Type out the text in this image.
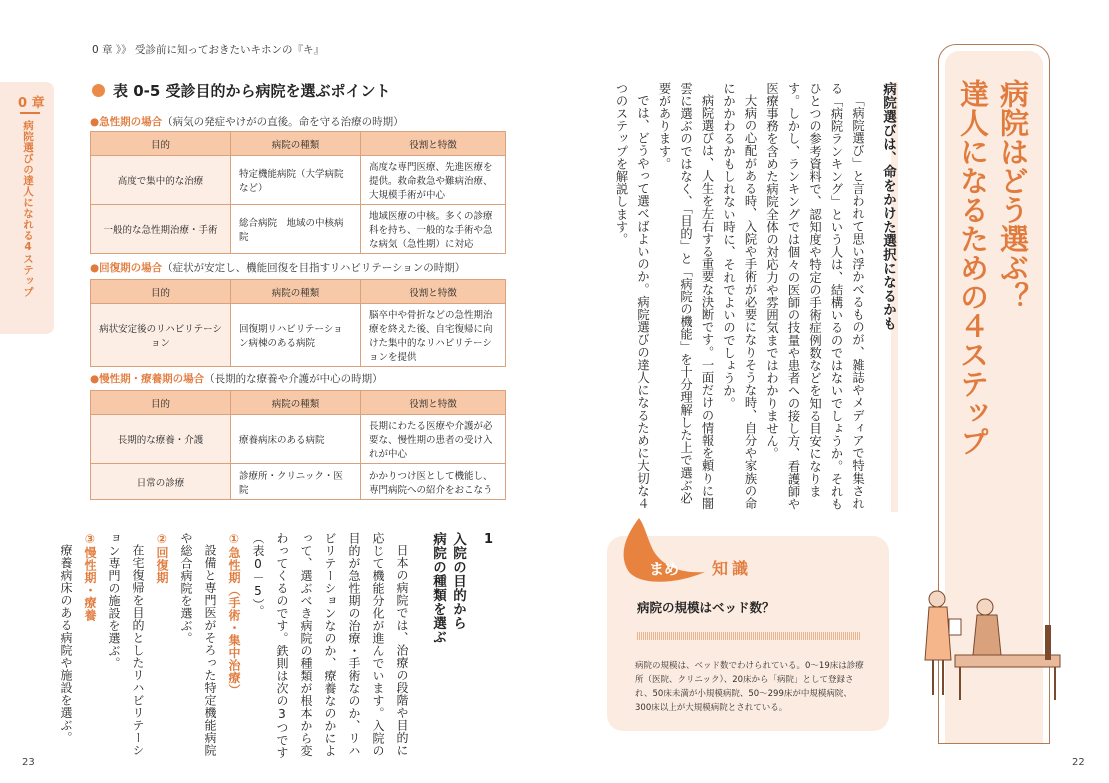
0 章 》》 受診前に知っておきたいキホンの『キ』
0 章
病院選びの達人になれる4ステップ
表 0-5 受診目的から病院を選ぶポイント
●急性期の場合（病気の発症やけがの直後。命を守る治療の時期）
目的	病院の種類	役割と特徴
高度で集中的な治療	特定機能病院（大学病院など）	高度な専門医療、先進医療を提供。救命救急や難病治療、大規模手術が中心
一般的な急性期治療・手術	総合病院　地域の中核病院	地域医療の中核。多くの診療科を持ち、一般的な手術や急な病気（急性期）に対応
●回復期の場合（症状が安定し、機能回復を目指すリハビリテーションの時期）
目的	病院の種類	役割と特徴
病状安定後のリハビリテーション	回復期リハビリテーション病棟のある病院	脳卒中や骨折などの急性期治療を終えた後、自宅復帰に向けた集中的なリハビリテーションを提供
●慢性期・療養期の場合（長期的な療養や介護が中心の時期）
目的	病院の種類	役割と特徴
長期的な療養・介護	療養病床のある病院	長期にわたる医療や介護が必要な、慢性期の患者の受け入れが中心
日常の診療	診療所・クリニック・医院	かかりつけ医として機能し、専門病院への紹介をおこなう
1
入院の目的から
病院の種類を選ぶ

日本の病院では、治療の段階や目的に応じて機能分化が進んでいます。入院の目的が急性期の治療・手術なのか、リハビリテーションなのか、療養なのかによって、選ぶべき病院の種類が根本から変わってくるのです。鉄則は次の3つです（表0－5）。

①急性期（手術・集中治療）

設備と専門医がそろった特定機能病院や総合病院を選ぶ。

②回復期

在宅復帰を目的としたリハビリテーション専門の施設を選ぶ。

③慢性期・療養

療養病床のある病院や施設を選ぶ。

病院選びは、命をかけた選択になるかも

「病院選び」と言われて思い浮かべるものが、雑誌やメディアで特集される「病院ランキング」という人は、結構いるのではないでしょうか。それもひとつの参考資料で、認知度や特定の手術症例数などを知る目安になります。しかし、ランキングでは個々の医師の技量や患者への接し方、看護師や医療事務を含めた病院全体の対応力や雰囲気まではわかりません。

大病の心配がある時、入院や手術が必要になりそうな時、自分や家族の命にかかわるかもしれない時に、それでよいのでしょうか。

病院選びは、人生を左右する重要な決断です。一面だけの情報を頼りに闇雲に選ぶのではなく、「目的」と「病院の機能」を十分理解した上で選ぶ必要があります。

では、どうやって選べばよいのか。病院選びの達人になるために大切な４つのステップを解説します。	病院はどう選ぶ？
達人になるための４ステップ
まめ 知識
病院の規模はベッド数？
病院の規模は、ベッド数でわけられている。0～19床は診療所（医院、クリニック）、20床から「病院」として登録され、50床未満が小規模病院、50～299床が中規模病院、300床以上が大規模病院とされている。
23	22
